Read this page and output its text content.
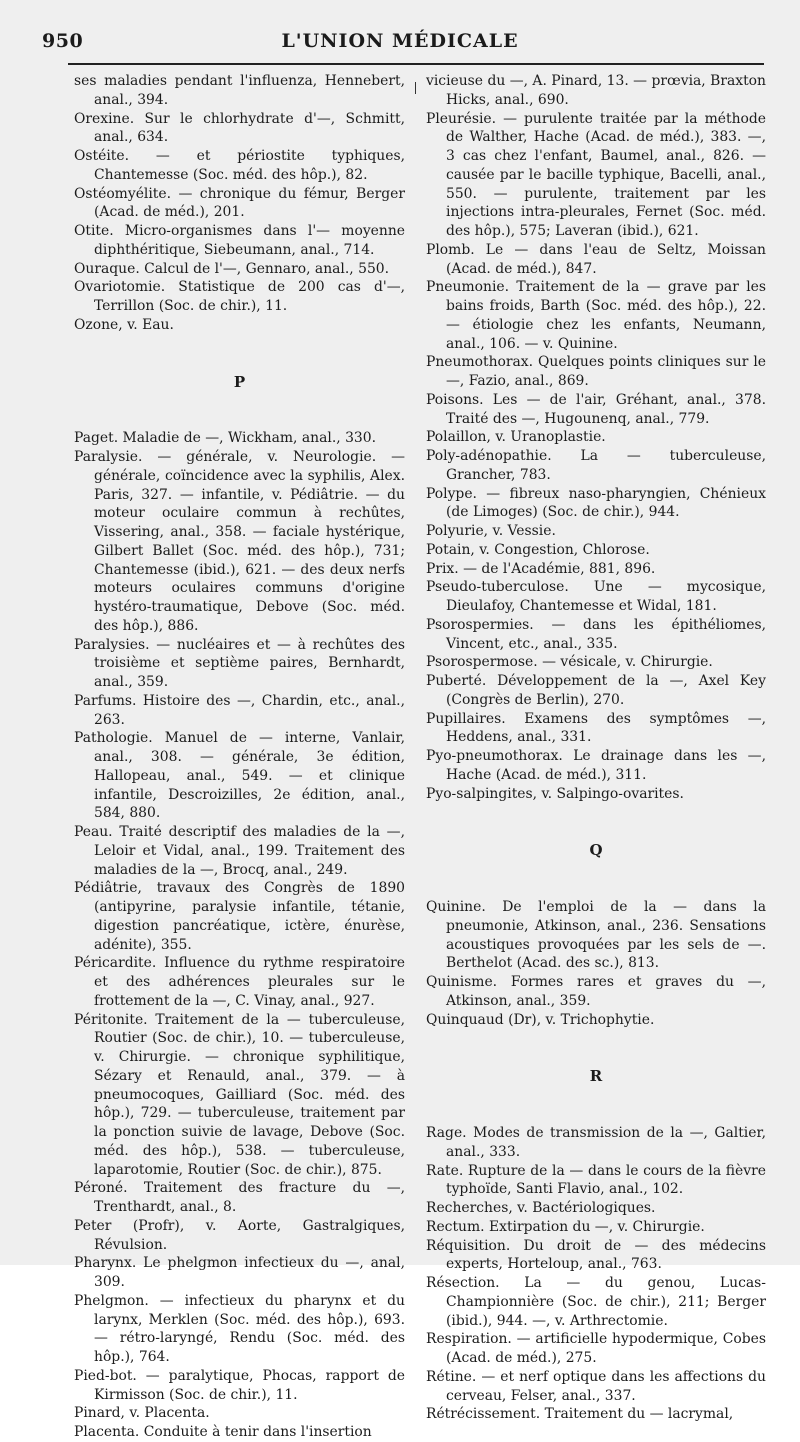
950	L'UNION MÉDICALE

ses maladies pendant l'influenza, Hennebert, anal., 394.

Orexine. Sur le chlorhydrate d'—, Schmitt, anal., 634.

Ostéite. — et périostite typhiques, Chantemesse (Soc. méd. des hôp.), 82.

Ostéomyélite. — chronique du fémur, Berger (Acad. de méd.), 201.

Otite. Micro-organismes dans l'— moyenne diphthéritique, Siebeumann, anal., 714.

Ouraque. Calcul de l'—, Gennaro, anal., 550.

Ovariotomie. Statistique de 200 cas d'—, Terrillon (Soc. de chir.), 11.

Ozone, v. Eau.

P

Paget. Maladie de —, Wickham, anal., 330.

Paralysie. — générale, v. Neurologie. — générale, coïncidence avec la syphilis, Alex. Paris, 327. — infantile, v. Pédiâtrie. — du moteur oculaire commun à rechûtes, Vissering, anal., 358. — faciale hystérique, Gilbert Ballet (Soc. méd. des hôp.), 731; Chantemesse (ibid.), 621. — des deux nerfs moteurs oculaires communs d'origine hystéro-traumatique, Debove (Soc. méd. des hôp.), 886.

Paralysies. — nucléaires et — à rechûtes des troisième et septième paires, Bernhardt, anal., 359.

Parfums. Histoire des —, Chardin, etc., anal., 263.

Pathologie. Manuel de — interne, Vanlair, anal., 308. — générale, 3e édition, Hallopeau, anal., 549. — et clinique infantile, Descroizilles, 2e édition, anal., 584, 880.

Peau. Traité descriptif des maladies de la —, Leloir et Vidal, anal., 199. Traitement des maladies de la —, Brocq, anal., 249.

Pédiâtrie, travaux des Congrès de 1890 (antipyrine, paralysie infantile, tétanie, digestion pancréatique, ictère, énurèse, adénite), 355.

Péricardite. Influence du rythme respiratoire et des adhérences pleurales sur le frottement de la —, C. Vinay, anal., 927.

Péritonite. Traitement de la — tuberculeuse, Routier (Soc. de chir.), 10. — tuberculeuse, v. Chirurgie. — chronique syphilitique, Sézary et Renauld, anal., 379. — à pneumocoques, Gailliard (Soc. méd. des hôp.), 729. — tuberculeuse, traitement par la ponction suivie de lavage, Debove (Soc. méd. des hôp.), 538. — tuberculeuse, laparotomie, Routier (Soc. de chir.), 875.

Péroné. Traitement des fracture du —, Trenthardt, anal., 8.

Peter (Profr), v. Aorte, Gastralgiques, Révulsion.

Pharynx. Le phelgmon infectieux du —, anal, 309.

Phelgmon. — infectieux du pharynx et du larynx, Merklen (Soc. méd. des hôp.), 693. — rétro-laryngé, Rendu (Soc. méd. des hôp.), 764.

Pied-bot. — paralytique, Phocas, rapport de Kirmisson (Soc. de chir.), 11.

Pinard, v. Placenta.

Placenta. Conduite à tenir dans l'insertion

vicieuse du —, A. Pinard, 13. — prœvia, Braxton Hicks, anal., 690.

Pleurésie. — purulente traitée par la méthode de Walther, Hache (Acad. de méd.), 383. —, 3 cas chez l'enfant, Baumel, anal., 826. — causée par le bacille typhique, Bacelli, anal., 550. — purulente, traitement par les injections intra-pleurales, Fernet (Soc. méd. des hôp.), 575; Laveran (ibid.), 621.

Plomb. Le — dans l'eau de Seltz, Moissan (Acad. de méd.), 847.

Pneumonie. Traitement de la — grave par les bains froids, Barth (Soc. méd. des hôp.), 22. — étiologie chez les enfants, Neumann, anal., 106. — v. Quinine.

Pneumothorax. Quelques points cliniques sur le —, Fazio, anal., 869.

Poisons. Les — de l'air, Gréhant, anal., 378. Traité des —, Hugounenq, anal., 779.

Polaillon, v. Uranoplastie.

Poly-adénopathie. La — tuberculeuse, Grancher, 783.

Polype. — fibreux naso-pharyngien, Chénieux (de Limoges) (Soc. de chir.), 944.

Polyurie, v. Vessie.

Potain, v. Congestion, Chlorose.

Prix. — de l'Académie, 881, 896.

Pseudo-tuberculose. Une — mycosique, Dieulafoy, Chantemesse et Widal, 181.

Psorospermies. — dans les épithéliomes, Vincent, etc., anal., 335.

Psorospermose. — vésicale, v. Chirurgie.

Puberté. Développement de la —, Axel Key (Congrès de Berlin), 270.

Pupillaires. Examens des symptômes —, Heddens, anal., 331.

Pyo-pneumothorax. Le drainage dans les —, Hache (Acad. de méd.), 311.

Pyo-salpingites, v. Salpingo-ovarites.

Q

Quinine. De l'emploi de la — dans la pneumonie, Atkinson, anal., 236. Sensations acoustiques provoquées par les sels de —. Berthelot (Acad. des sc.), 813.

Quinisme. Formes rares et graves du —, Atkinson, anal., 359.

Quinquaud (Dr), v. Trichophytie.

R

Rage. Modes de transmission de la —, Galtier, anal., 333.

Rate. Rupture de la — dans le cours de la fièvre typhoïde, Santi Flavio, anal., 102.

Recherches, v. Bactériologiques.

Rectum. Extirpation du —, v. Chirurgie.

Réquisition. Du droit de — des médecins experts, Horteloup, anal., 763.

Résection. La — du genou, Lucas-Championnière (Soc. de chir.), 211; Berger (ibid.), 944. —, v. Arthrectomie.

Respiration. — artificielle hypodermique, Cobes (Acad. de méd.), 275.

Rétine. — et nerf optique dans les affections du cerveau, Felser, anal., 337.

Rétrécissement. Traitement du — lacrymal,
